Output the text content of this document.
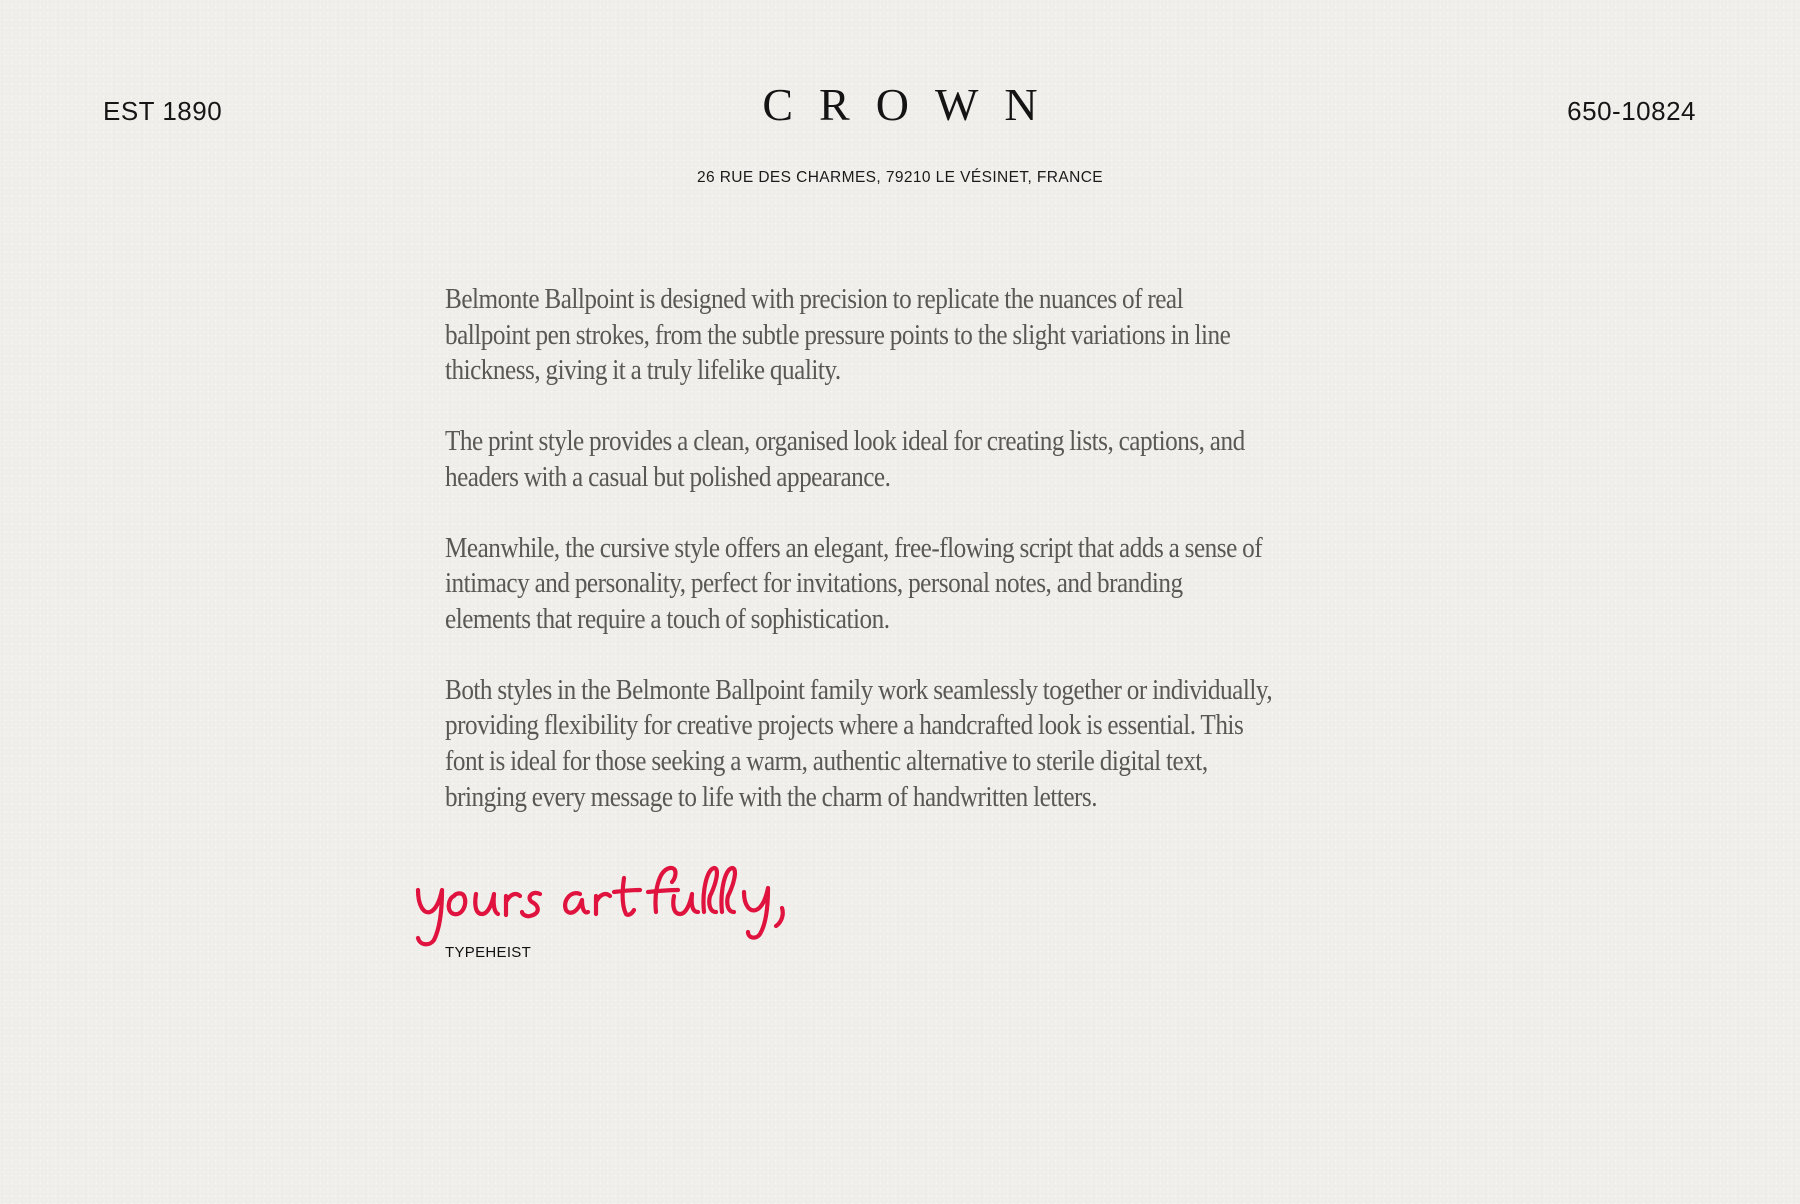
EST 1890	CROWN	650-10824
26 RUE DES CHARMES, 79210 LE VÉSINET, FRANCE

Belmonte Ballpoint is designed with precision to replicate the nuances of real
ballpoint pen strokes, from the subtle pressure points to the slight variations in line
thickness, giving it a truly lifelike quality.

The print style provides a clean, organised look ideal for creating lists, captions, and
headers with a casual but polished appearance.

Meanwhile, the cursive style offers an elegant, free-flowing script that adds a sense of
intimacy and personality, perfect for invitations, personal notes, and branding
elements that require a touch of sophistication.

Both styles in the Belmonte Ballpoint family work seamlessly together or individually,
providing flexibility for creative projects where a handcrafted look is essential. This
font is ideal for those seeking a warm, authentic alternative to sterile digital text,
bringing every message to life with the charm of handwritten letters.

TYPEHEIST
